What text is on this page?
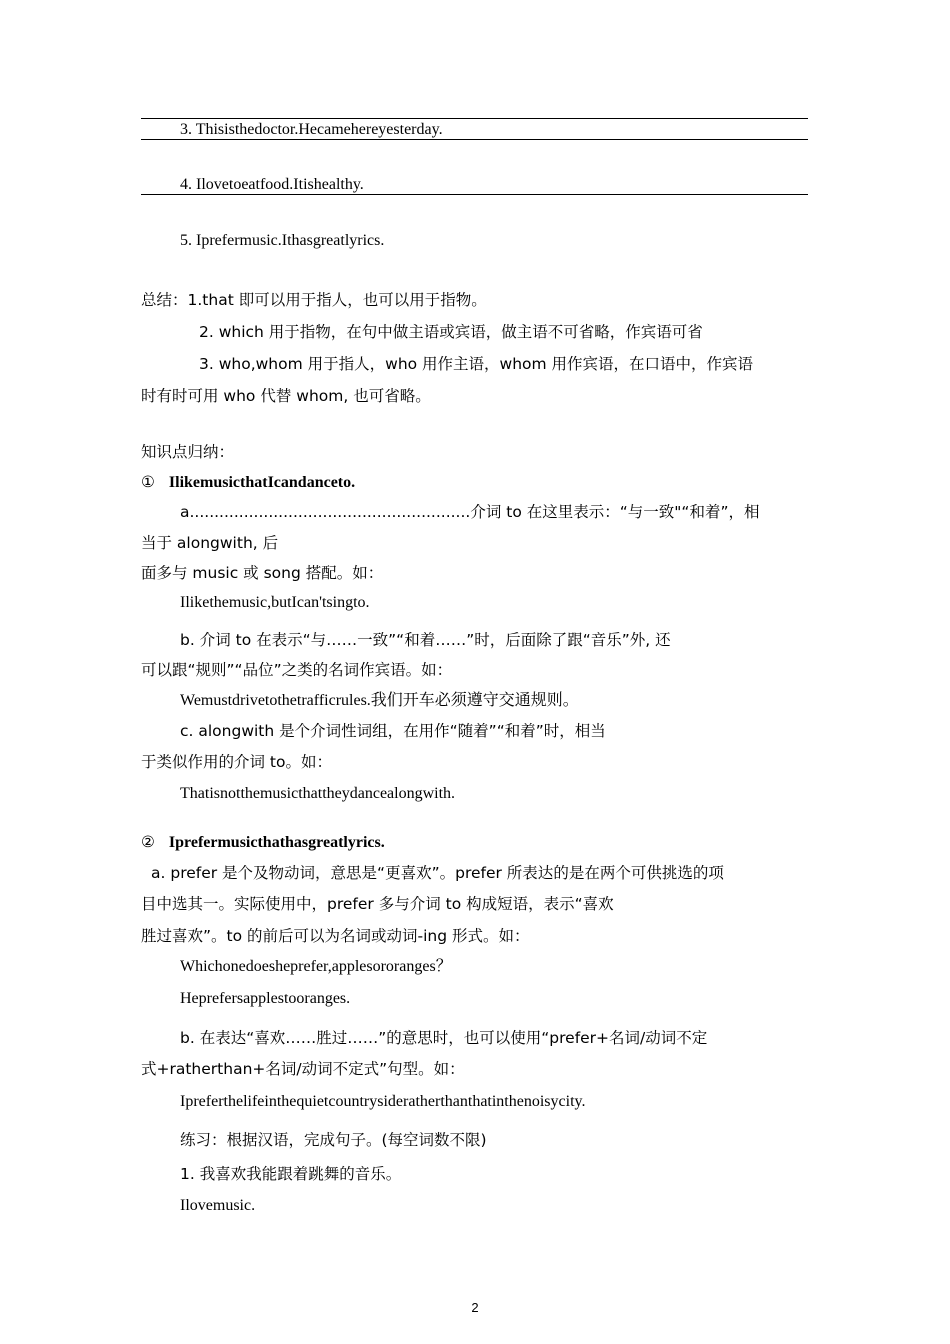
3. Thisisthedoctor.Hecamehereyesterday.
4. Ilovetoeatfood.Itishealthy.
5. Iprefermusic.Ithasgreatlyrics.
总结：1.that 即可以用于指人，也可以用于指物。
2. which 用于指物，在句中做主语或宾语，做主语不可省略，作宾语可省
3. who,whom 用于指人，who 用作主语，whom 用作宾语，在口语中，作宾语
时有时可用 who 代替 whom, 也可省略。
知识点归纳：
① IlikemusicthatIcandanceto.
a.........................................................介词 to 在这里表示：“与一致"“和着”，相
当于 alongwith, 后
面多与 music 或 song 搭配。如：
Ilikethemusic,butIcan'tsingto.
b. 介词 to 在表示“与……一致”“和着……”时，后面除了跟“音乐”外, 还
可以跟“规则”“品位”之类的名词作宾语。如：
Wemustdrivetothetrafficrules.我们开车必须遵守交通规则。
c. alongwith 是个介词性词组，在用作“随着”“和着”时，相当
于类似作用的介词 to。如：
Thatisnotthemusicthattheydancealongwith.
② Iprefermusicthathasgreatlyrics.
a. prefer 是个及物动词，意思是“更喜欢”。prefer 所表达的是在两个可供挑选的项
目中选其一。实际使用中，prefer 多与介词 to 构成短语，表示“喜欢
胜过喜欢”。to 的前后可以为名词或动词-ing 形式。如：
Whichonedoesheprefer,applesororanges？
Heprefersapplestooranges.
b. 在表达“喜欢……胜过……”的意思时，也可以使用“prefer+名词/动词不定
式+ratherthan+名词/动词不定式”句型。如：
Ipreferthelifeinthequietcountrysideratherthanthatinthenoisycity.
练习：根据汉语，完成句子。(每空词数不限)
1. 我喜欢我能跟着跳舞的音乐。
Ilovemusic.
2
